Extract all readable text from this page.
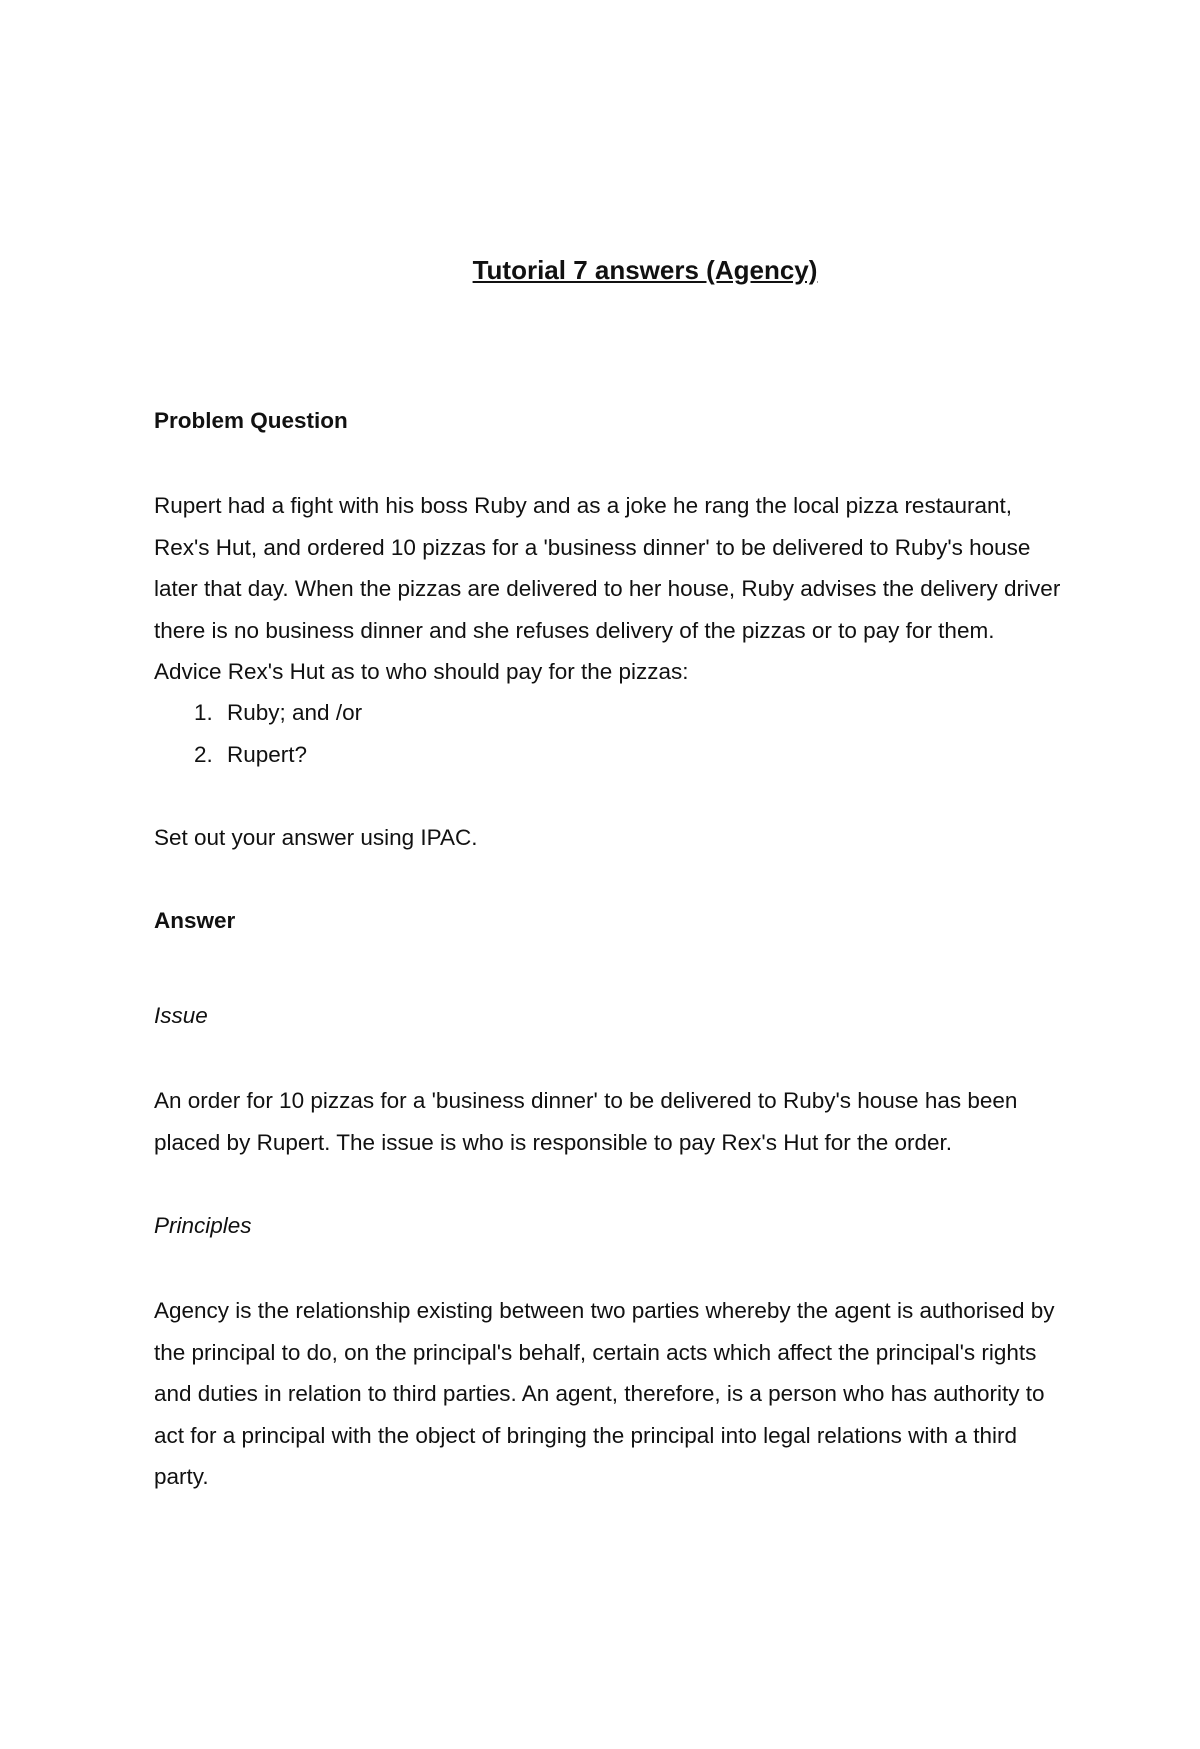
Tutorial 7 answers (Agency)

Problem Question

Rupert had a fight with his boss Ruby and as a joke he rang the local pizza restaurant,
Rex's Hut, and ordered 10 pizzas for a 'business dinner' to be delivered to Ruby's house
later that day. When the pizzas are delivered to her house, Ruby advises the delivery driver
there is no business dinner and she refuses delivery of the pizzas or to pay for them.
Advice Rex's Hut as to who should pay for the pizzas:
1. Ruby; and /or
2. Rupert?

Set out your answer using IPAC.

Answer

Issue

An order for 10 pizzas for a 'business dinner' to be delivered to Ruby's house has been
placed by Rupert. The issue is who is responsible to pay Rex's Hut for the order.

Principles

Agency is the relationship existing between two parties whereby the agent is authorised by
the principal to do, on the principal's behalf, certain acts which affect the principal's rights
and duties in relation to third parties. An agent, therefore, is a person who has authority to
act for a principal with the object of bringing the principal into legal relations with a third
party.
